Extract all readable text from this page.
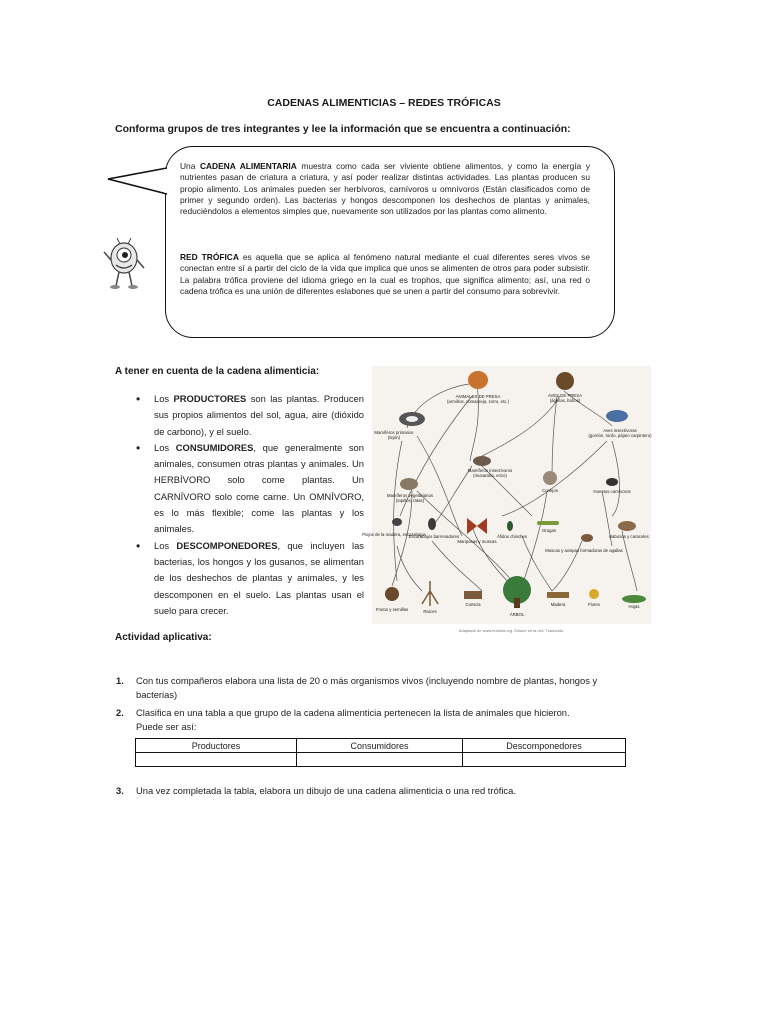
CADENAS ALIMENTICIAS – REDES TRÓFICAS
Conforma grupos de tres integrantes y lee la información que se encuentra a continuación:
Una CADENA ALIMENTARIA muestra como cada ser viviente obtiene alimentos, y como la energía y nutrientes pasan de criatura a criatura, y así poder realizar distintas actividades. Las plantas producen su propio alimento. Los animales pueden ser herbívoros, carnívoros u omnívoros (Están clasificados como de primer y segundo orden). Las bacterias y hongos descomponen los deshechos de plantas y animales, reduciéndolos a elementos simples que, nuevamente son utilizados por las plantas como alimento.
RED TRÓFICA es aquella que se aplica al fenómeno natural mediante el cual diferentes seres vivos se conectan entre sí a partir del ciclo de la vida que implica que unos se alimenten de otros para poder subsistir. La palabra trófica proviene del idioma griego en la cual es trophos, que significa alimento; así, una red o cadena trófica es una unión de diferentes eslabones que se unen a partir del consumo para sobrevivir.
A tener en cuenta de la cadena alimenticia:
• Los PRODUCTORES son las plantas. Producen sus propios alimentos del sol, agua, aire (dióxido de carbono), y el suelo.
• Los CONSUMIDORES, que generalmente son animales, consumen otras plantas y animales. Un HERBÍVORO solo come plantas. Un CARNÍVORO solo come carne. Un OMNÍVORO, es lo más flexible; come las plantas y los animales.
• Los DESCOMPONEDORES, que incluyen las bacterias, los hongos y los gusanos, se alimentan de los deshechos de plantas y animales, y les descomponen en el suelo. Las plantas usan el suelo para crecer.
ANIMALES DE PRESA
(armiños, comadreja, zorro, etc.)
AVES DE PRESA
(águilas, búhos)
Mamíferos primarios
(tejón)
Aves insectívoras
(gorrión, tordo, pájaro carpintero)
Mamíferos insectívoros
(musaraña, erizo)
Mamíferos vegetarianos
(topillos, ratas)
Conejos	Insectos carnívoros
Piojos de la madera, escarabajos
Escarabajos barrenadores
Mariposas y moscas
Áfidos chinches
Orugas
Moscas y avispas formadoras de agallas
Babosas y caracoles
Frutos y semillas	Raíces
Corteza
ÁRBOL
Madera	Flores	Hojas
Adaptado de www.eurekid.org. Enlace en la red, Traducido.
Actividad aplicativa:
1.	Con tus compañeros elabora una lista de 20 o más organismos vivos (incluyendo nombre de plantas, hongos y bacterias)
2.	Clasifica en una tabla a que grupo de la cadena alimenticia pertenecen la lista de animales que hicieron.
Puede ser así:
Productores	Consumidores	Descomponedores

3.	Una vez completada la tabla, elabora un dibujo de una cadena alimenticia o una red trófica.
